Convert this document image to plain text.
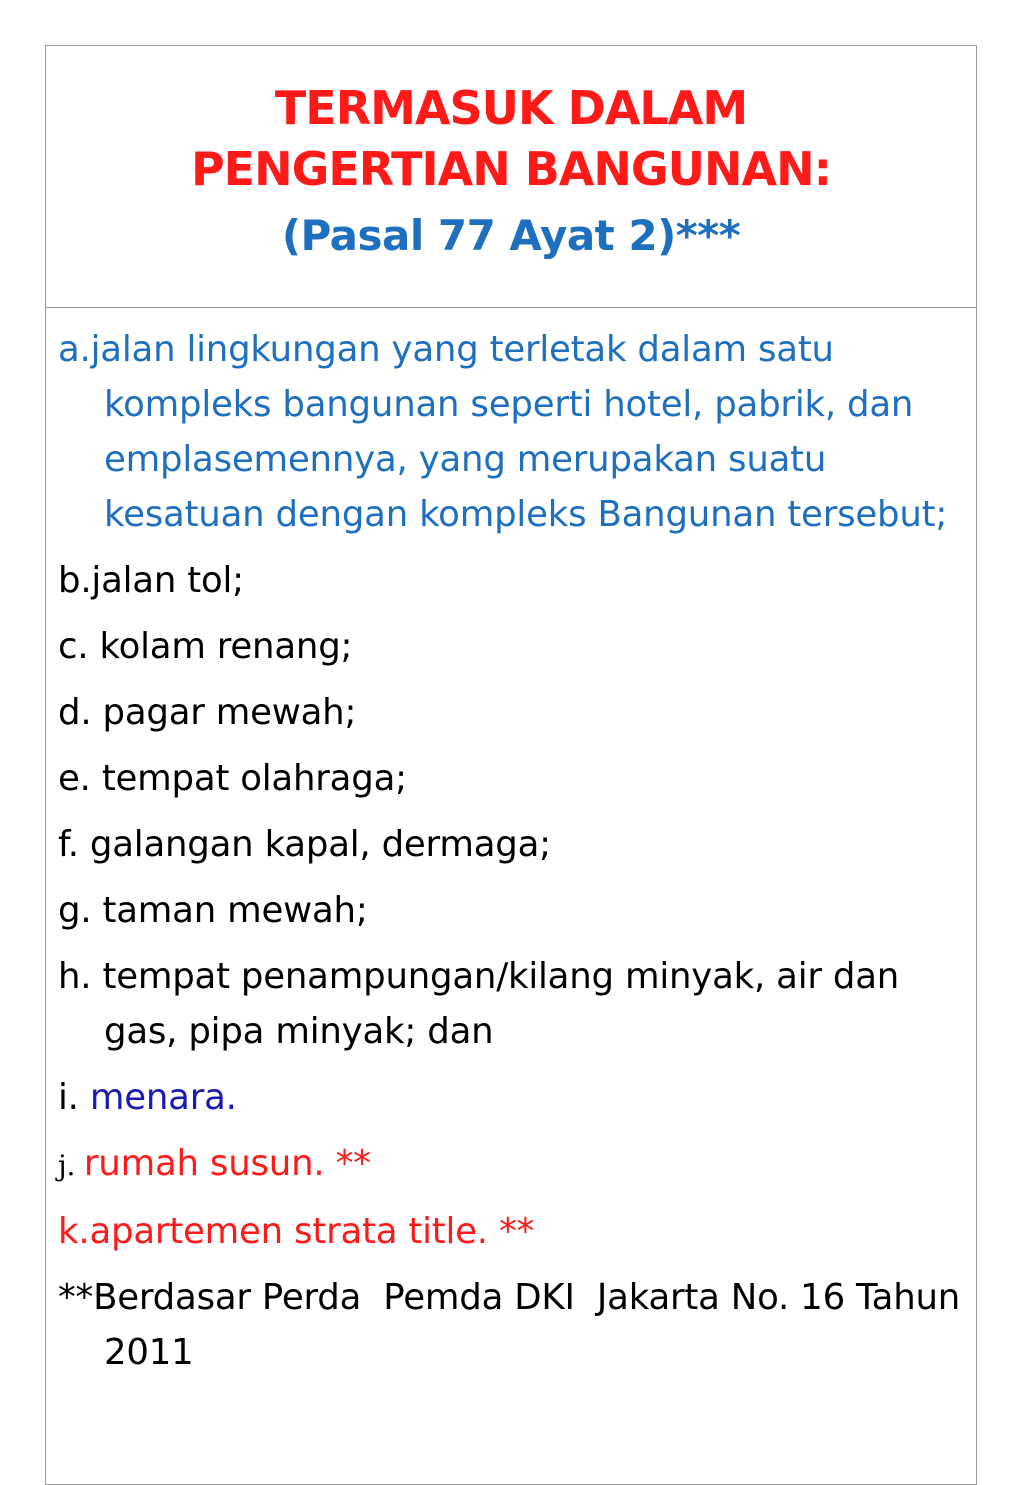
TERMASUK DALAM
PENGERTIAN BANGUNAN:
(Pasal 77 Ayat 2)***
a.jalan lingkungan yang terletak dalam satu kompleks bangunan seperti hotel, pabrik, dan emplasemennya, yang merupakan suatu kesatuan dengan kompleks Bangunan tersebut;
b.jalan tol;
c. kolam renang;
d. pagar mewah;
e. tempat olahraga;
f. galangan kapal, dermaga;
g. taman mewah;
h. tempat penampungan/kilang minyak, air dan gas, pipa minyak; dan
i. menara.
j. rumah susun. **
k.apartemen strata title. **
**Berdasar Perda  Pemda DKI  Jakarta No. 16 Tahun 2011
